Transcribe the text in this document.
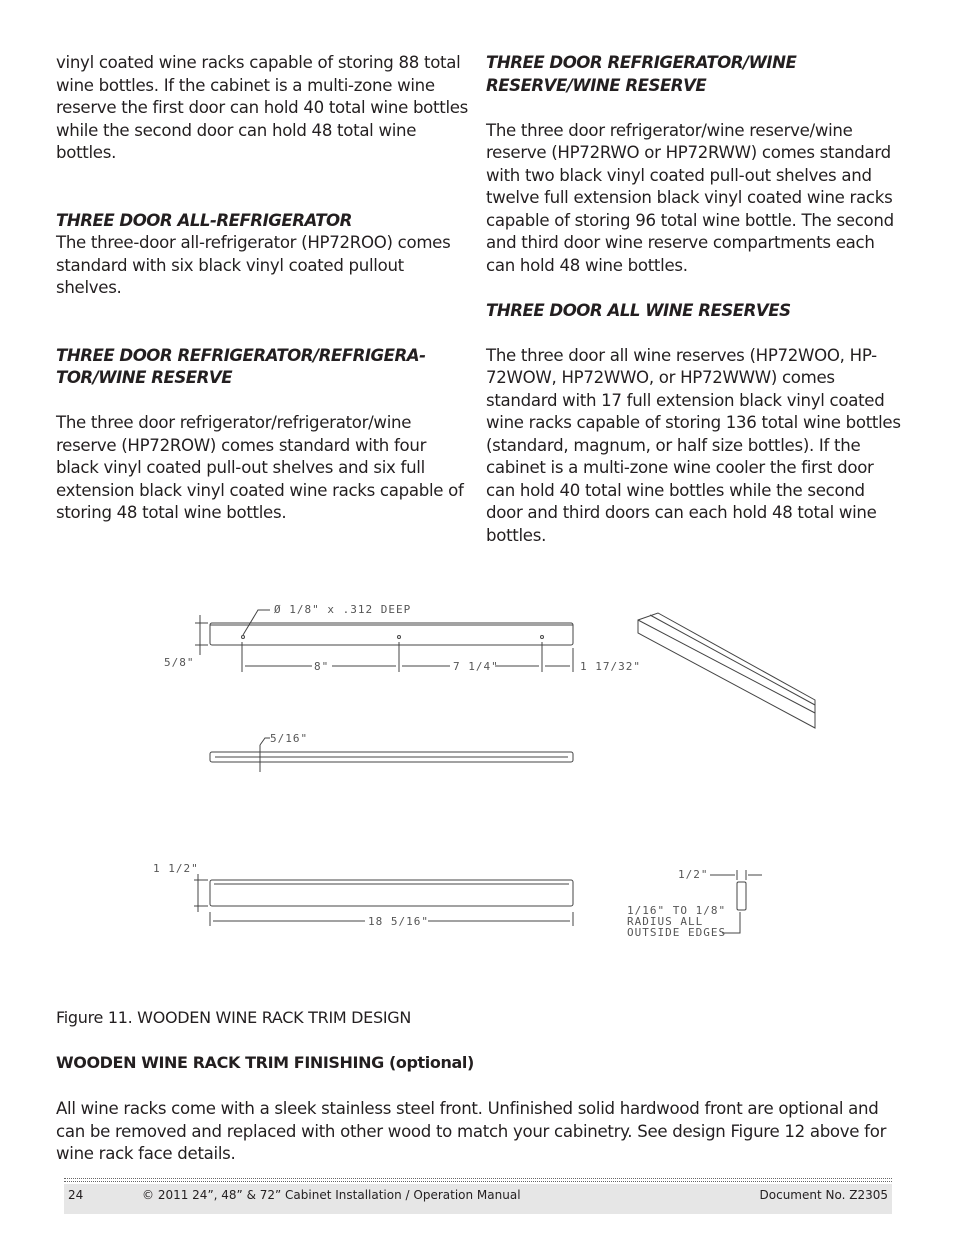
vinyl coated wine racks capable of storing 88 total wine bottles. If the cabinet is a multi-zone wine reserve the first door can hold 40 total wine bottles while the second door can hold 48 total wine bottles.

THREE DOOR ALL-REFRIGERATOR

The three-door all-refrigerator (HP72ROO) comes standard with six black vinyl coated pullout shelves.

THREE DOOR REFRIGERATOR/REFRIGERA-TOR/WINE RESERVE

The three door refrigerator/refrigerator/wine reserve (HP72ROW) comes standard with four black vinyl coated pull-out shelves and six full extension black vinyl coated wine racks capable of storing 48 total wine bottles.

THREE DOOR REFRIGERATOR/WINE RESERVE/WINE RESERVE

The three door refrigerator/wine reserve/wine reserve (HP72RWO or HP72RWW) comes standard with two black vinyl coated pull-out shelves and twelve full extension black vinyl coated wine racks capable of storing 96 total wine bottle. The second and third door wine reserve compartments each can hold 48 wine bottles.

THREE DOOR ALL WINE RESERVES

The three door all wine reserves (HP72WOO, HP-72WOW, HP72WWO, or HP72WWW) comes standard with 17 full extension black vinyl coated wine racks capable of storing 136 total wine bottles (standard, magnum, or half size bottles). If the cabinet is a multi-zone wine cooler the first door can hold 40 total wine bottles while the second door and third doors can each hold 48 total wine bottles.

Ø 1/8" x .312 DEEP
5/8"	8"	7 1/4"	1 17/32"
5/16"
1 1/2"
18 5/16"
1/2"
1/16" TO 1/8"
RADIUS ALL
OUTSIDE EDGES
Figure 11. WOODEN WINE RACK TRIM DESIGN
WOODEN WINE RACK TRIM FINISHING (optional)
All wine racks come with a sleek stainless steel front. Unfinished solid hardwood front are optional and can be removed and replaced with other wood to match your cabinetry. See design Figure 12 above for wine rack face details.
24	© 2011 24”, 48” & 72” Cabinet Installation / Operation Manual	Document No. Z2305
